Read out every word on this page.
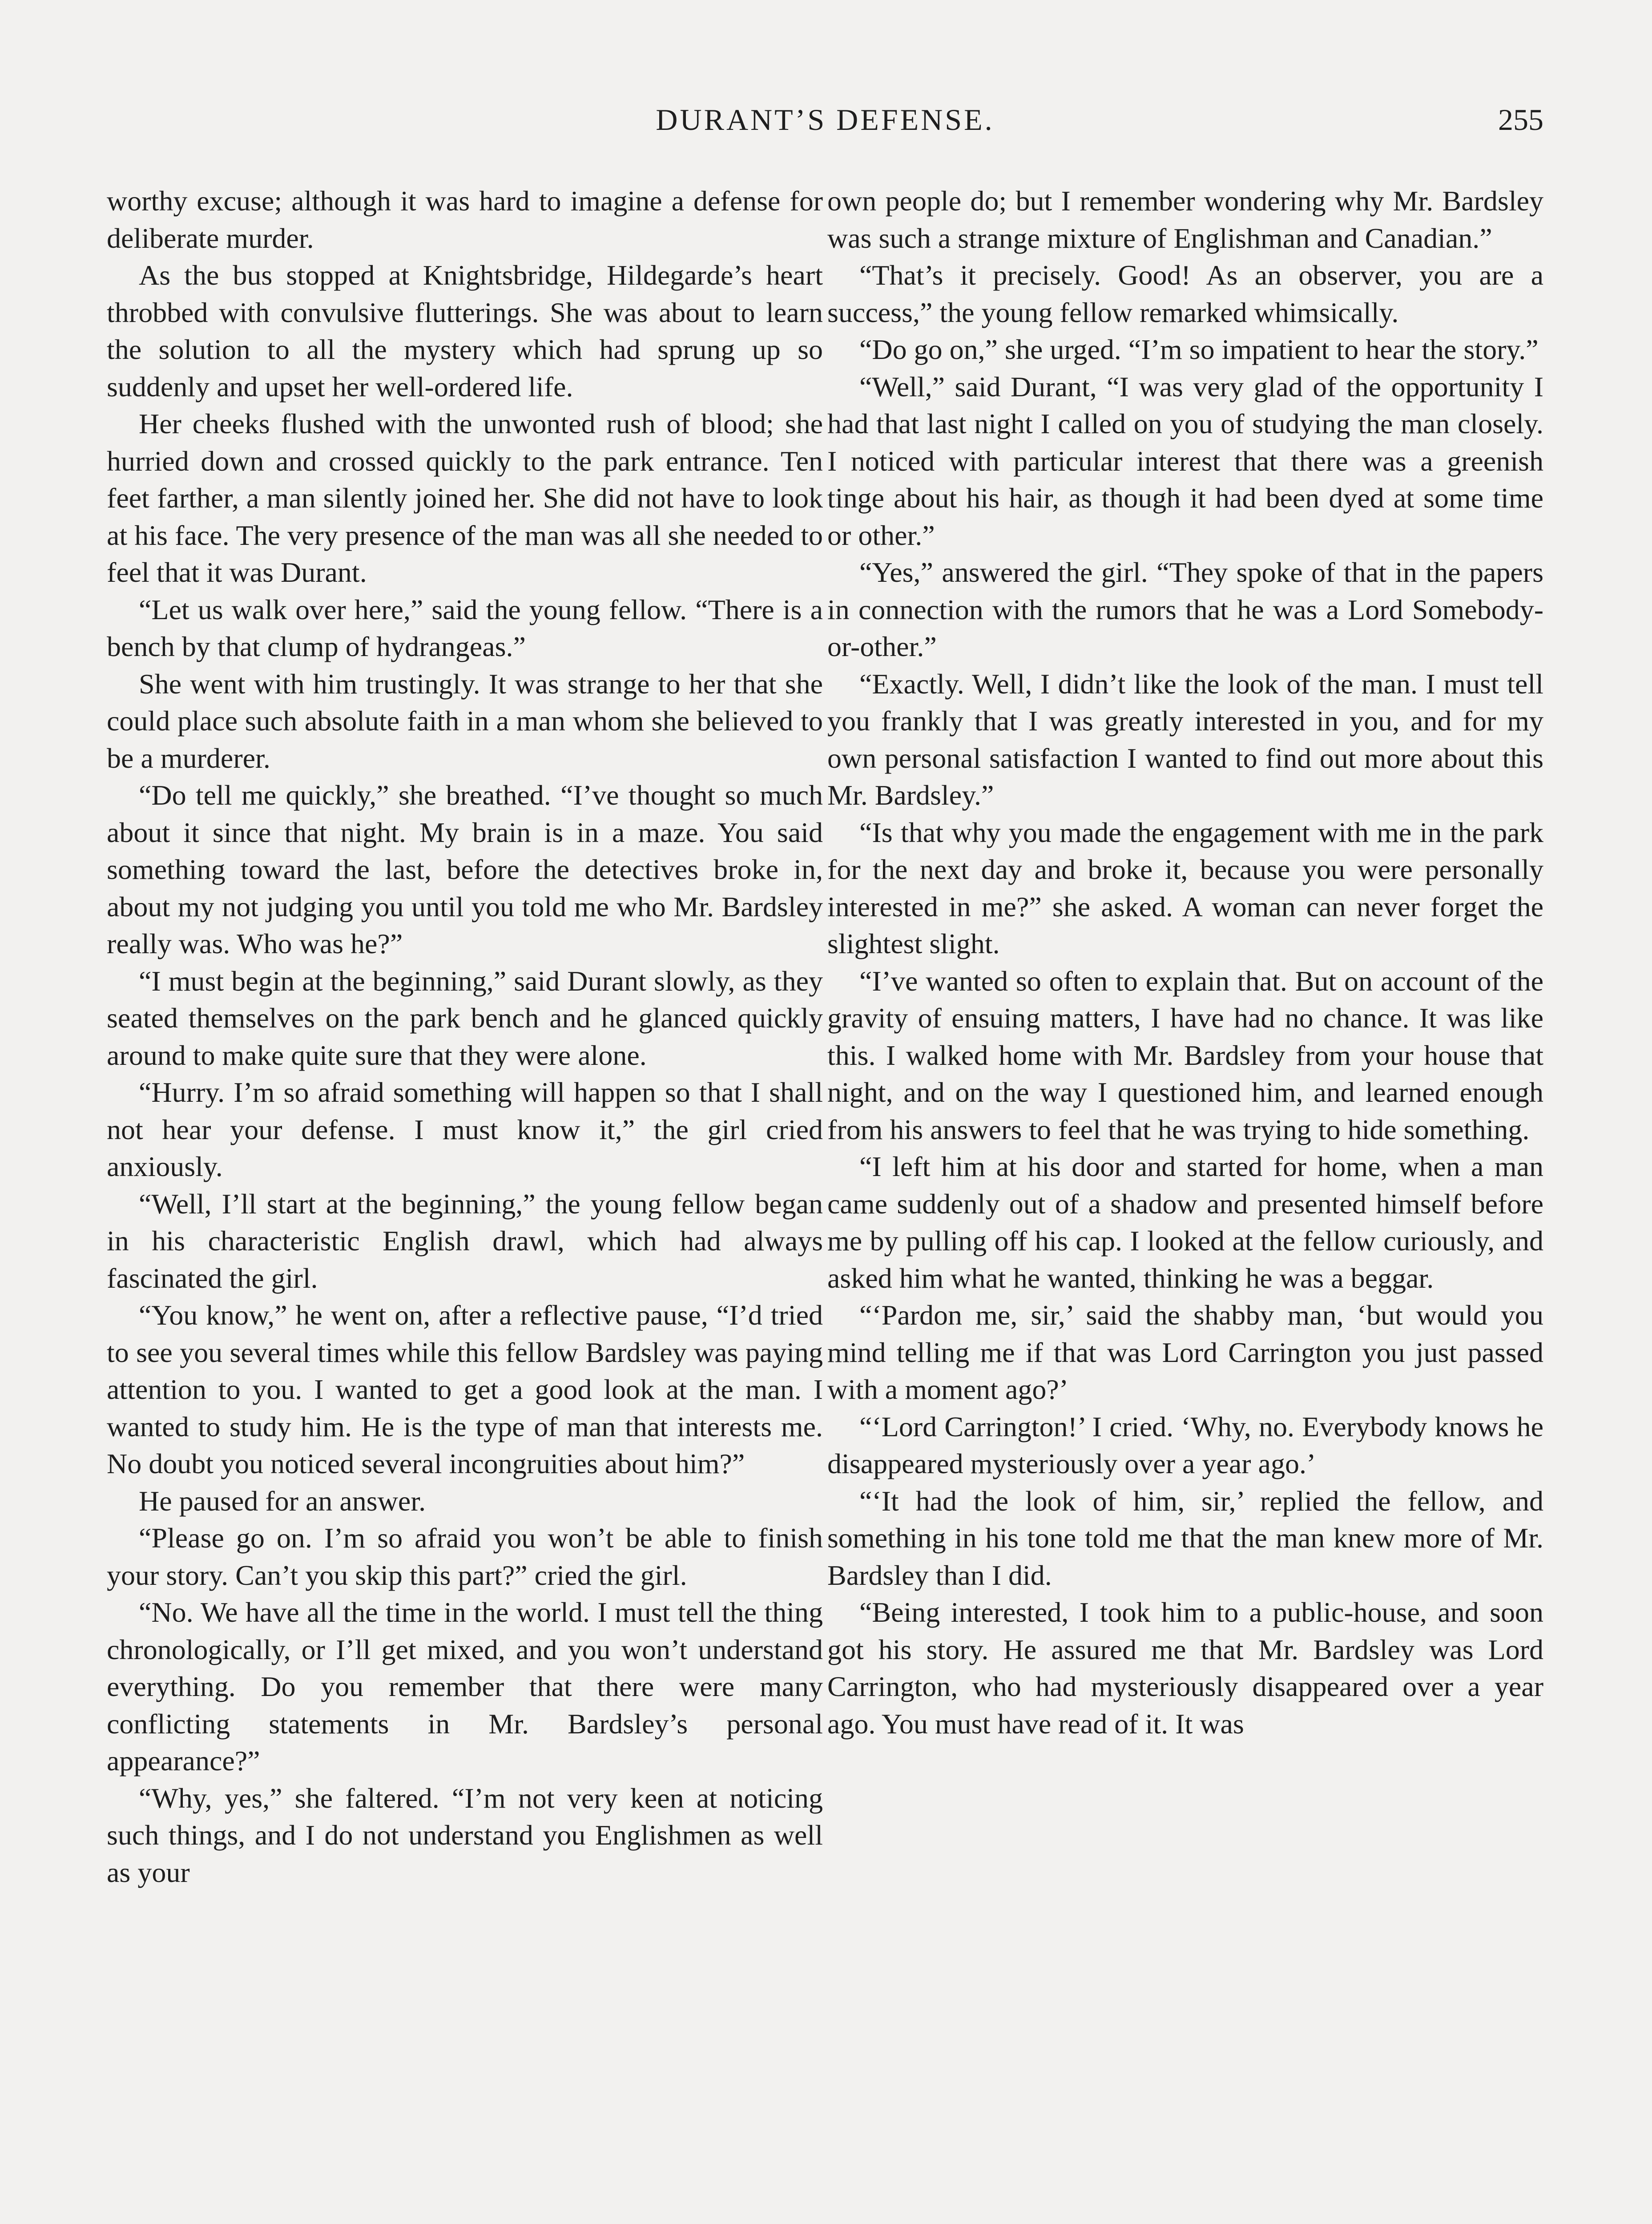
DURANT’S DEFENSE.	255

worthy excuse; although it was hard to imagine a defense for deliberate murder.

As the bus stopped at Knightsbridge, Hildegarde’s heart throbbed with convulsive flutterings. She was about to learn the solution to all the mystery which had sprung up so suddenly and upset her well-ordered life.

Her cheeks flushed with the unwonted rush of blood; she hurried down and crossed quickly to the park entrance. Ten feet farther, a man silently joined her. She did not have to look at his face. The very presence of the man was all she needed to feel that it was Durant.

“Let us walk over here,” said the young fellow. “There is a bench by that clump of hydrangeas.”

She went with him trustingly. It was strange to her that she could place such absolute faith in a man whom she believed to be a murderer.

“Do tell me quickly,” she breathed. “I’ve thought so much about it since that night. My brain is in a maze. You said something toward the last, before the detectives broke in, about my not judging you until you told me who Mr. Bardsley really was. Who was he?”

“I must begin at the beginning,” said Durant slowly, as they seated themselves on the park bench and he glanced quickly around to make quite sure that they were alone.

“Hurry. I’m so afraid something will happen so that I shall not hear your defense. I must know it,” the girl cried anxiously.

“Well, I’ll start at the beginning,” the young fellow began in his characteristic English drawl, which had always fascinated the girl.

“You know,” he went on, after a reflective pause, “I’d tried to see you several times while this fellow Bardsley was paying attention to you. I wanted to get a good look at the man. I wanted to study him. He is the type of man that interests me. No doubt you noticed several incongruities about him?”

He paused for an answer.

“Please go on. I’m so afraid you won’t be able to finish your story. Can’t you skip this part?” cried the girl.

“No. We have all the time in the world. I must tell the thing chronologically, or I’ll get mixed, and you won’t understand everything. Do you remember that there were many conflicting statements in Mr. Bardsley’s personal appearance?”

“Why, yes,” she faltered. “I’m not very keen at noticing such things, and I do not understand you Englishmen as well as your

own people do; but I remember wondering why Mr. Bardsley was such a strange mixture of Englishman and Canadian.”

“That’s it precisely. Good! As an observer, you are a success,” the young fellow remarked whimsically.

“Do go on,” she urged. “I’m so impatient to hear the story.”

“Well,” said Durant, “I was very glad of the opportunity I had that last night I called on you of studying the man closely. I noticed with particular interest that there was a greenish tinge about his hair, as though it had been dyed at some time or other.”

“Yes,” answered the girl. “They spoke of that in the papers in connection with the rumors that he was a Lord Somebody-or-other.”

“Exactly. Well, I didn’t like the look of the man. I must tell you frankly that I was greatly interested in you, and for my own personal satisfaction I wanted to find out more about this Mr. Bardsley.”

“Is that why you made the engagement with me in the park for the next day and broke it, because you were personally interested in me?” she asked. A woman can never forget the slightest slight.

“I’ve wanted so often to explain that. But on account of the gravity of ensuing matters, I have had no chance. It was like this. I walked home with Mr. Bardsley from your house that night, and on the way I questioned him, and learned enough from his answers to feel that he was trying to hide something.

“I left him at his door and started for home, when a man came suddenly out of a shadow and presented himself before me by pulling off his cap. I looked at the fellow curiously, and asked him what he wanted, thinking he was a beggar.

“‘Pardon me, sir,’ said the shabby man, ‘but would you mind telling me if that was Lord Carrington you just passed with a moment ago?’

“‘Lord Carrington!’ I cried. ‘Why, no. Everybody knows he disappeared mysteriously over a year ago.’

“‘It had the look of him, sir,’ replied the fellow, and something in his tone told me that the man knew more of Mr. Bardsley than I did.

“Being interested, I took him to a public-house, and soon got his story. He assured me that Mr. Bardsley was Lord Carrington, who had mysteriously disappeared over a year ago. You must have read of it. It was
